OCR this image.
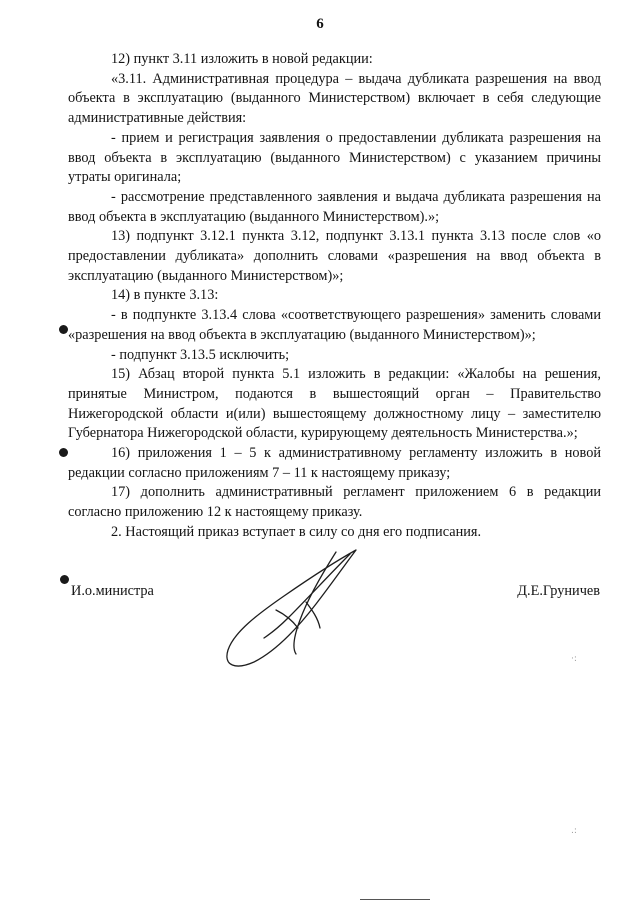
6

12) пункт 3.11 изложить в новой редакции:

«3.11. Административная процедура – выдача дубликата разрешения на ввод объекта в эксплуатацию (выданного Министерством) включает в себя следующие административные действия:

- прием и регистрация заявления о предоставлении дубликата разрешения на ввод объекта в эксплуатацию (выданного Министерством) с указанием причины утраты оригинала;

- рассмотрение представленного заявления и выдача дубликата разрешения на ввод объекта в эксплуатацию (выданного Министерством).»;

13) подпункт 3.12.1 пункта 3.12, подпункт 3.13.1 пункта 3.13 после слов «о предоставлении дубликата» дополнить словами «разрешения на ввод объекта в эксплуатацию (выданного Министерством)»;

14) в пункте 3.13:

- в подпункте 3.13.4 слова «соответствующего разрешения» заменить словами «разрешения на ввод объекта в эксплуатацию (выданного Министерством)»;

- подпункт 3.13.5 исключить;

15) Абзац второй пункта 5.1 изложить в редакции: «Жалобы на решения, принятые Министром, подаются в вышестоящий орган – Правительство Нижегородской области и(или) вышестоящему должностному лицу – заместителю Губернатора Нижегородской области, курирующему деятельность Министерства.»;

16) приложения 1 – 5 к административному регламенту изложить в новой редакции согласно приложениям 7 – 11 к настоящему приказу;

17) дополнить административный регламент приложением 6 в редакции согласно приложению 12 к настоящему приказу.

2. Настоящий приказ вступает в силу со дня его подписания.

И.о.министра	Д.Е.Груничев
·:
.:
